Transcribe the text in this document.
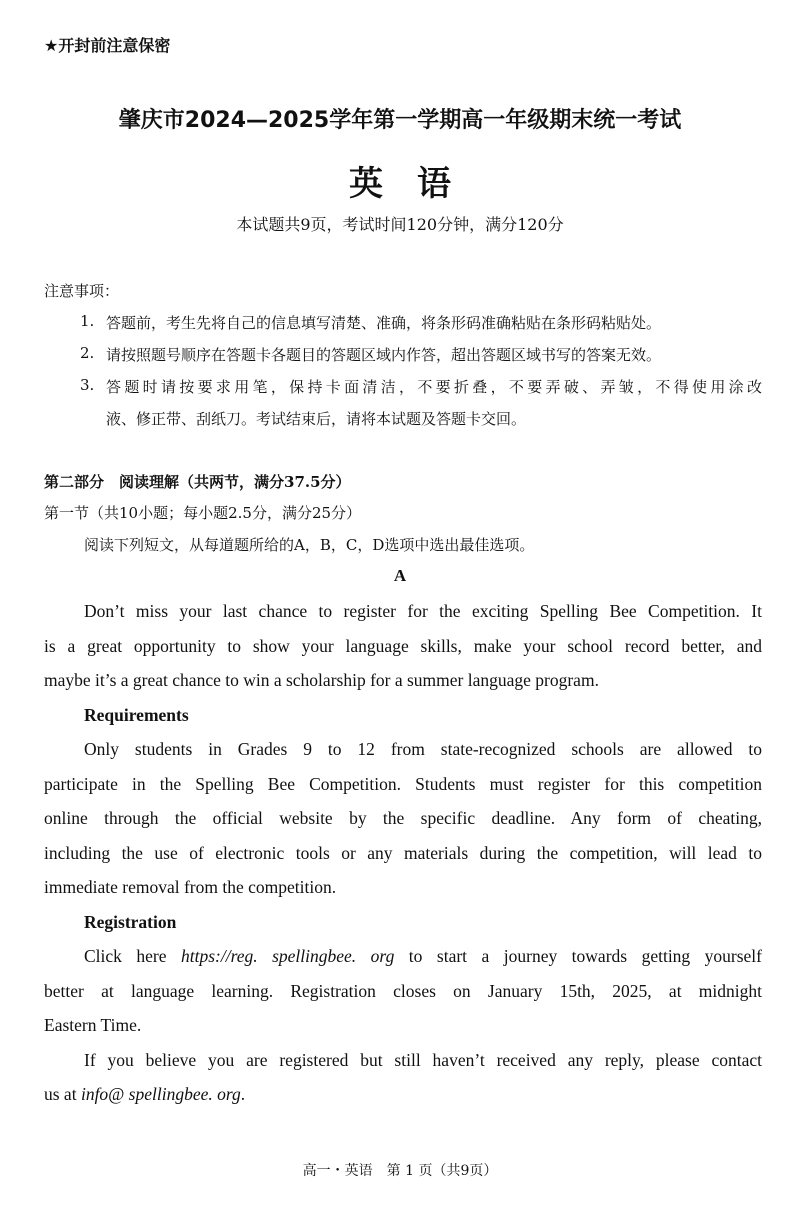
★开封前注意保密
肇庆市2024—2025学年第一学期高一年级期末统一考试
英　语
本试题共9页，考试时间120分钟，满分120分
注意事项：
1. 答题前，考生先将自己的信息填写清楚、准确，将条形码准确粘贴在条形码粘贴处。
2. 请按照题号顺序在答题卡各题目的答题区域内作答，超出答题区域书写的答案无效。
3. 答题时请按要求用笔，保持卡面清洁，不要折叠，不要弄破、弄皱，不得使用涂改
液、修正带、刮纸刀。考试结束后，请将本试题及答题卡交回。
第二部分　阅读理解（共两节，满分37.5分）
第一节（共10小题；每小题2.5分，满分25分）
阅读下列短文，从每道题所给的A，B，C，D选项中选出最佳选项。
A
Don’t miss your last chance to register for the exciting Spelling Bee Competition. It
is a great opportunity to show your language skills, make your school record better, and
maybe it’s a great chance to win a scholarship for a summer language program.
Requirements
Only students in Grades 9 to 12 from state-recognized schools are allowed to
participate in the Spelling Bee Competition. Students must register for this competition
online through the official website by the specific deadline. Any form of cheating,
including the use of electronic tools or any materials during the competition, will lead to
immediate removal from the competition.
Registration
Click here https://reg. spellingbee. org to start a journey towards getting yourself
better at language learning. Registration closes on January 15th, 2025, at midnight
Eastern Time.
If you believe you are registered but still haven’t received any reply, please contact
us at info@ spellingbee. org.
高一・英语　第 1 页（共9页）
